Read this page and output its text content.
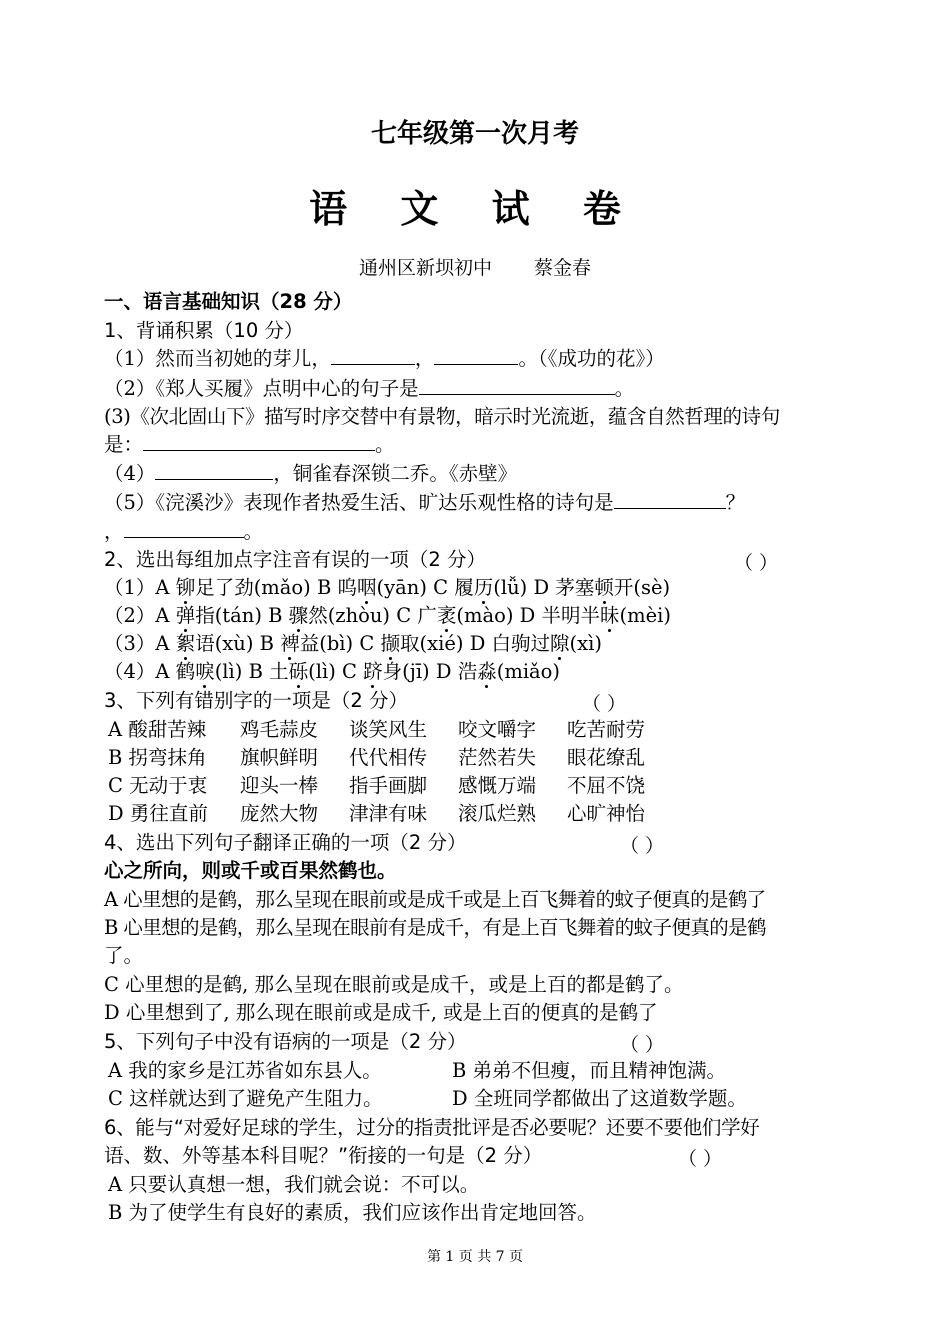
七年级第一次月考
语 文 试 卷
通州区新坝初中 蔡金春
一、语言基础知识（28 分）
1、背诵积累（10 分）
（1）然而当初她的芽儿，	，	。（《成功的花》）
（2）《郑人买履》点明中心的句子是	。
(3)《次北固山下》描写时序交替中有景物，暗示时光流逝，蕴含自然哲理的诗句
是：	。
（4）	，铜雀春深锁二乔。《赤壁》
（5）《浣溪沙》表现作者热爱生活、旷达乐观性格的诗句是	？
，	。
2、选出每组加点字注音有误的一项（2 分）	（ ）
（1）A 铆足了劲(mǎo) B 呜咽(yān) C 履历(lǚ) D 茅塞顿开(sè)
（2）A 弹指(tán) B 骤然(zhòu) C 广袤(mào) D 半明半昧(mèi)
（3）A 絮语(xù) B 裨益(bì) C 撷取(xié) D 白驹过隙(xì)
（4）A 鹤唳(lì) B 土砾(lì) C 跻身(jī) D 浩淼(miǎo)
3、下列有错别字的一项是（2 分）	（ ）
A 酸甜苦辣 鸡毛蒜皮 谈笑风生 咬文嚼字 吃苦耐劳
B 拐弯抹角 旗帜鲜明 代代相传 茫然若失 眼花缭乱
C 无动于衷 迎头一棒 指手画脚 感慨万端 不屈不饶
D 勇往直前 庞然大物 津津有味 滚瓜烂熟 心旷神怡
4、选出下列句子翻译正确的一项（2 分）	（ ）
心之所向，则或千或百果然鹤也。
A 心里想的是鹤，那么呈现在眼前或是成千或是上百飞舞着的蚊子便真的是鹤了
B 心里想的是鹤，那么呈现在眼前有是成千，有是上百飞舞着的蚊子便真的是鹤
了。
C 心里想的是鹤, 那么呈现在眼前或是成千，或是上百的都是鹤了。
D 心里想到了, 那么现在眼前或是成千, 或是上百的便真的是鹤了
5、下列句子中没有语病的一项是（2 分）	（ ）
A 我的家乡是江苏省如东县人。	B 弟弟不但瘦，而且精神饱满。
C 这样就达到了避免产生阻力。	D 全班同学都做出了这道数学题。
6、能与“对爱好足球的学生，过分的指责批评是否必要呢？还要不要他们学好
语、数、外等基本科目呢？”衔接的一句是（2 分）	（ ）
A 只要认真想一想，我们就会说：不可以。
B 为了使学生有良好的素质，我们应该作出肯定地回答。
第 1 页 共 7 页
